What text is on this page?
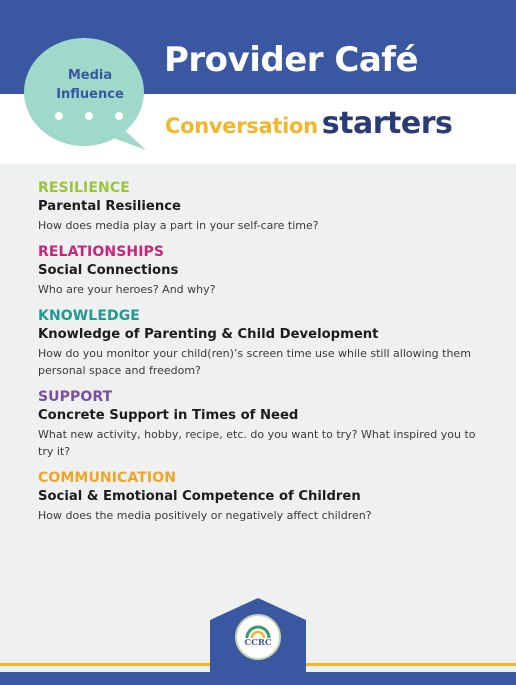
Media
Influence
Provider Café
Conversation starters
RESILIENCE
Parental Resilience
How does media play a part in your self-care time?
RELATIONSHIPS
Social Connections
Who are your heroes? And why?
KNOWLEDGE
Knowledge of Parenting & Child Development
How do you monitor your child(ren)’s screen time use while still allowing them personal space and freedom?
SUPPORT
Concrete Support in Times of Need
What new activity, hobby, recipe, etc. do you want to try? What inspired you to try it?
COMMUNICATION
Social & Emotional Competence of Children
How does the media positively or negatively affect children?
CCRC
